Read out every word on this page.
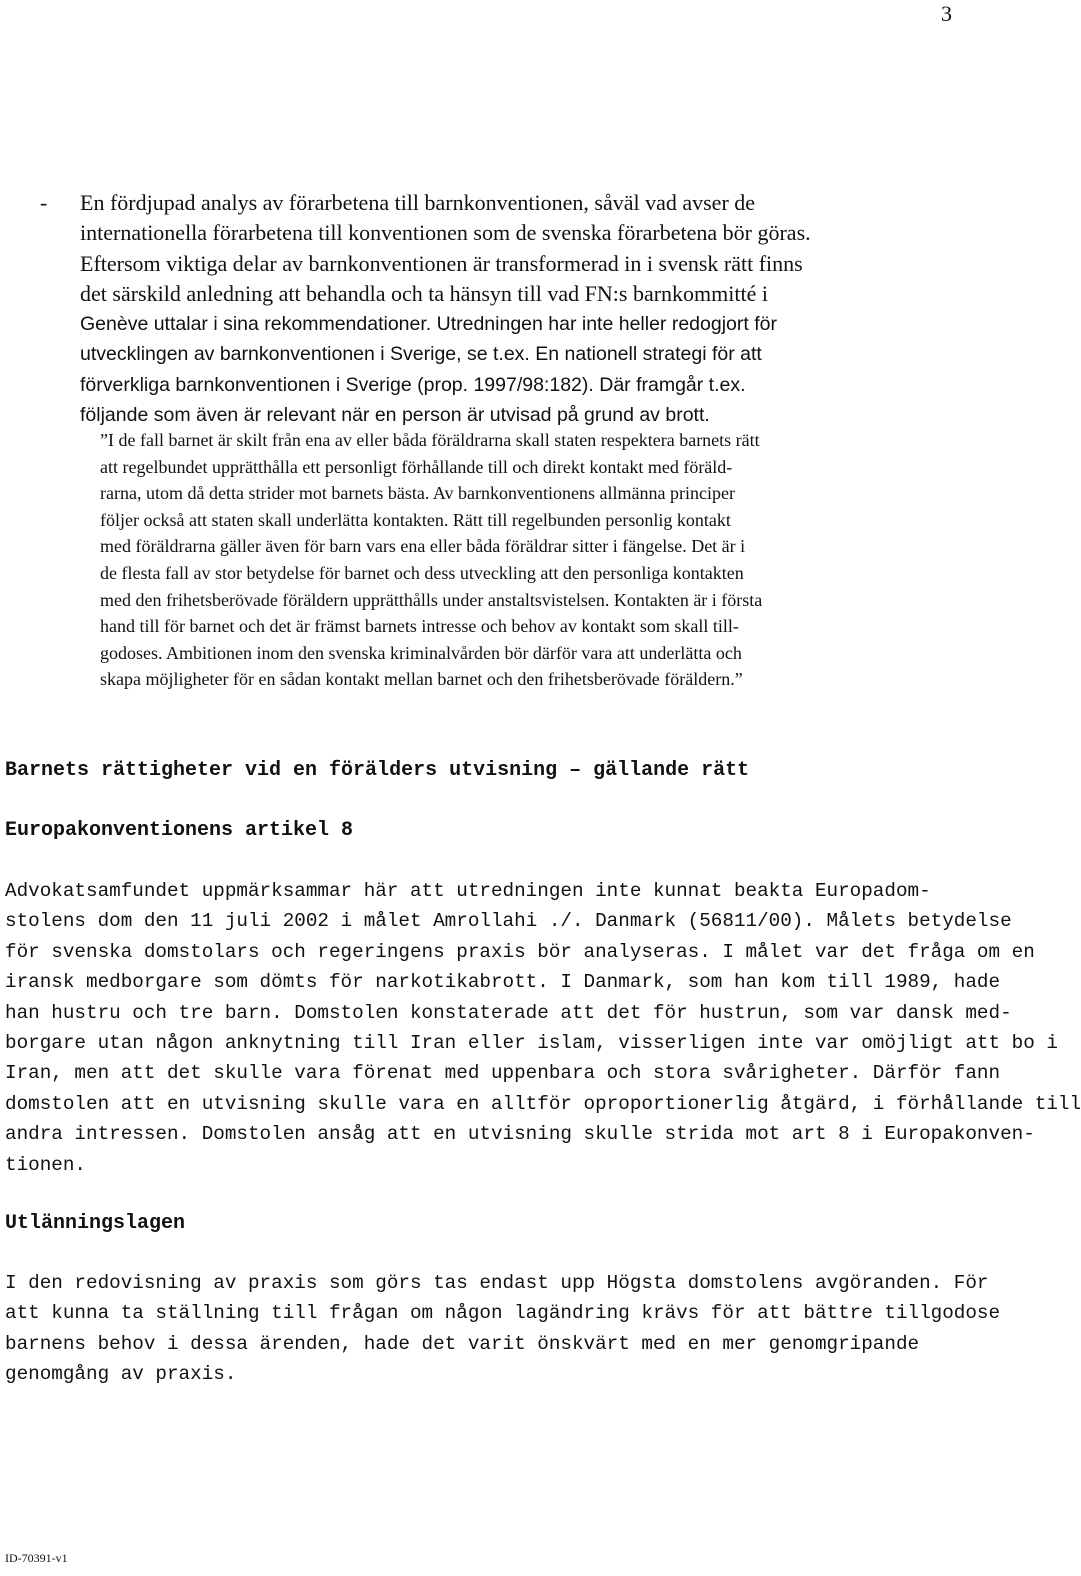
3
- En fördjupad analys av förarbetena till barnkonventionen, såväl vad avser de
internationella förarbetena till konventionen som de svenska förarbetena bör göras.
Eftersom viktiga delar av barnkonventionen är transformerad in i svensk rätt finns
det särskild anledning att behandla och ta hänsyn till vad FN:s barnkommitté i
Genève uttalar i sina rekommendationer. Utredningen har inte heller redogjort för
utvecklingen av barnkonventionen i Sverige, se t.ex. En nationell strategi för att
förverkliga barnkonventionen i Sverige (prop. 1997/98:182). Där framgår t.ex.
följande som även är relevant när en person är utvisad på grund av brott.
”I de fall barnet är skilt från ena av eller båda föräldrarna skall staten respektera barnets rätt
att regelbundet upprätthålla ett personligt förhållande till och direkt kontakt med föräld-
rarna, utom då detta strider mot barnets bästa. Av barnkonventionens allmänna principer
följer också att staten skall underlätta kontakten. Rätt till regelbunden personlig kontakt
med föräldrarna gäller även för barn vars ena eller båda föräldrar sitter i fängelse. Det är i
de flesta fall av stor betydelse för barnet och dess utveckling att den personliga kontakten
med den frihetsberövade föräldern upprätthålls under anstaltsvistelsen. Kontakten är i första
hand till för barnet och det är främst barnets intresse och behov av kontakt som skall till-
godoses. Ambitionen inom den svenska kriminalvården bör därför vara att underlätta och
skapa möjligheter för en sådan kontakt mellan barnet och den frihetsberövade föräldern.”
Barnets rättigheter vid en förälders utvisning – gällande rätt
Europakonventionens artikel 8
Advokatsamfundet uppmärksammar här att utredningen inte kunnat beakta Europadom-
stolens dom den 11 juli 2002 i målet Amrollahi ./. Danmark (56811/00). Målets betydelse
för svenska domstolars och regeringens praxis bör analyseras. I målet var det fråga om en
iransk medborgare som dömts för narkotikabrott. I Danmark, som han kom till 1989, hade
han hustru och tre barn. Domstolen konstaterade att det för hustrun, som var dansk med-
borgare utan någon anknytning till Iran eller islam, visserligen inte var omöjligt att bo i
Iran, men att det skulle vara förenat med uppenbara och stora svårigheter. Därför fann
domstolen att en utvisning skulle vara en alltför oproportionerlig åtgärd, i förhållande till
andra intressen. Domstolen ansåg att en utvisning skulle strida mot art 8 i Europakonven-
tionen.
Utlänningslagen
I den redovisning av praxis som görs tas endast upp Högsta domstolens avgöranden. För
att kunna ta ställning till frågan om någon lagändring krävs för att bättre tillgodose
barnens behov i dessa ärenden, hade det varit önskvärt med en mer genomgripande
genomgång av praxis.
ID-70391-v1
